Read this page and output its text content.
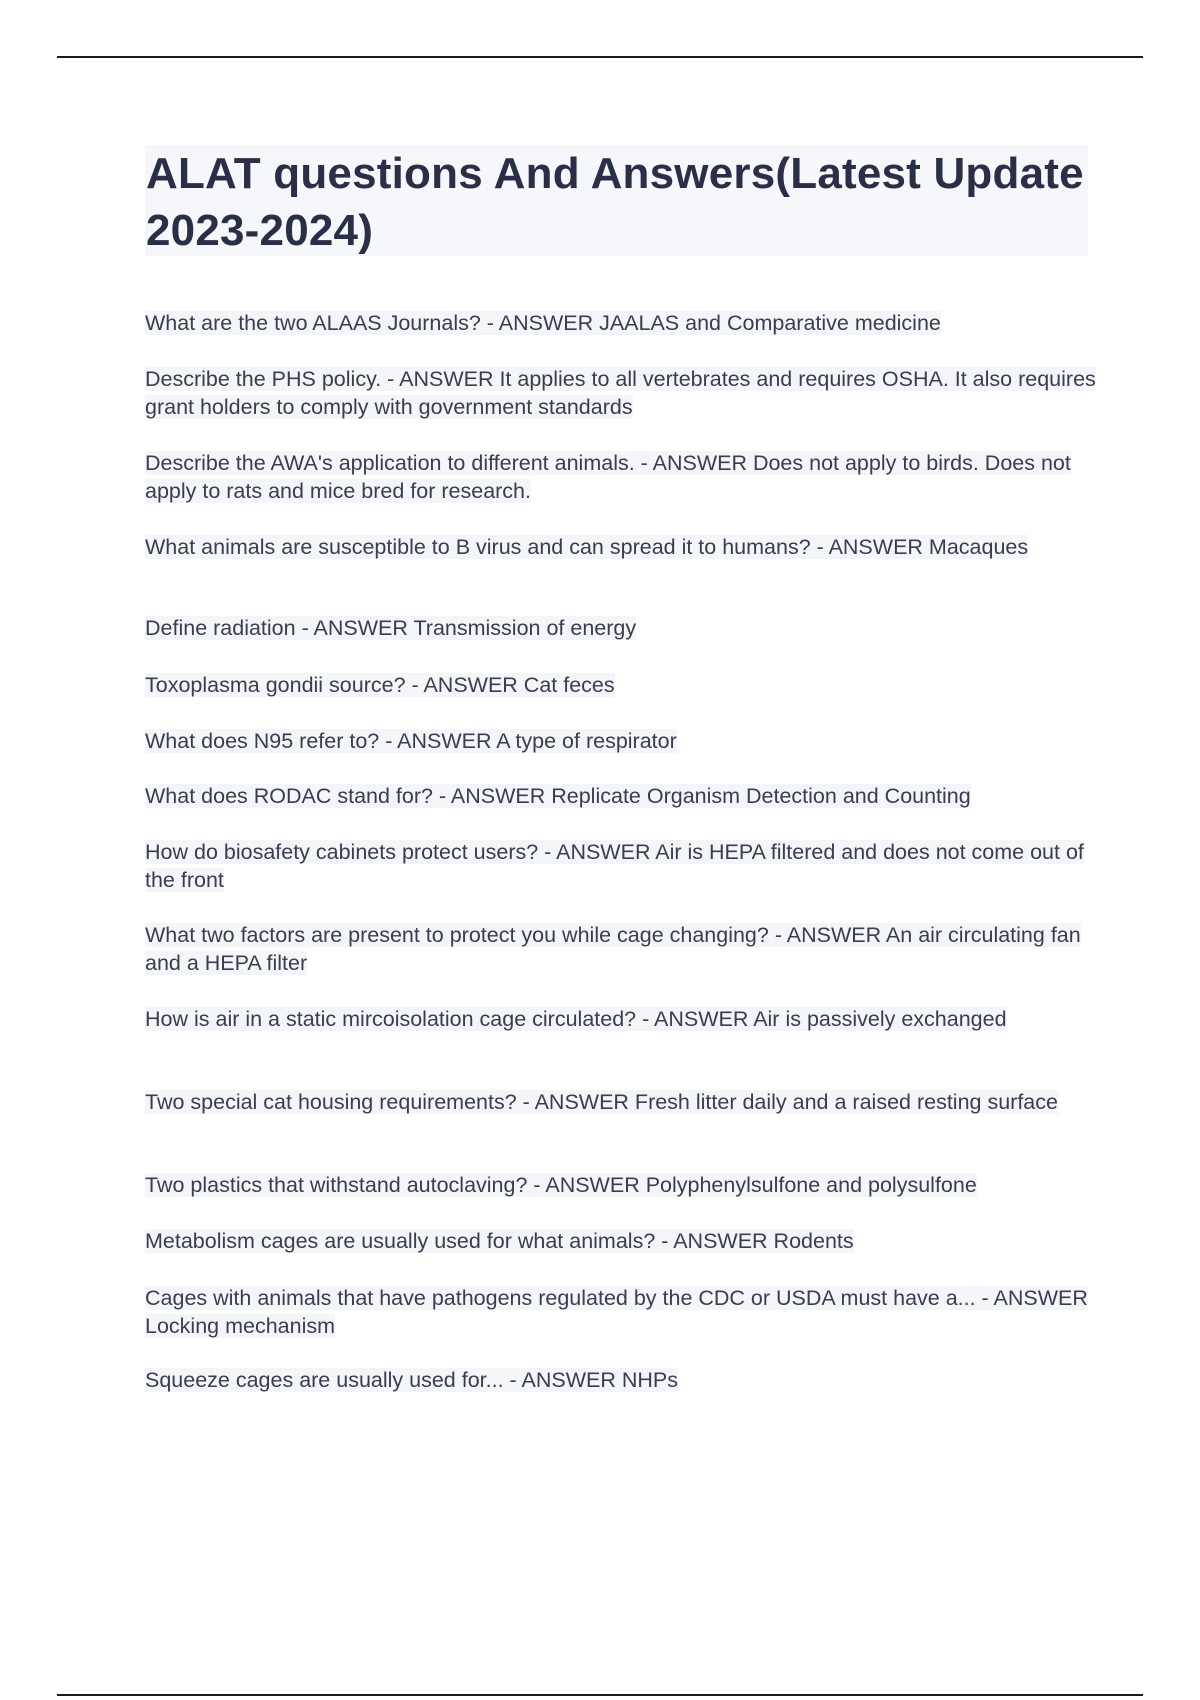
ALAT questions And Answers(Latest Update 2023-2024)
What are the two ALAAS Journals? - ANSWER JAALAS and Comparative medicine
Describe the PHS policy. - ANSWER It applies to all vertebrates and requires OSHA. It also requires grant holders to comply with government standards
Describe the AWA's application to different animals. - ANSWER Does not apply to birds. Does not apply to rats and mice bred for research.
What animals are susceptible to B virus and can spread it to humans? - ANSWER Macaques
Define radiation - ANSWER Transmission of energy
Toxoplasma gondii source? - ANSWER Cat feces
What does N95 refer to? - ANSWER A type of respirator
What does RODAC stand for? - ANSWER Replicate Organism Detection and Counting
How do biosafety cabinets protect users? - ANSWER Air is HEPA filtered and does not come out of the front
What two factors are present to protect you while cage changing? - ANSWER An air circulating fan and a HEPA filter
How is air in a static mircoisolation cage circulated? - ANSWER Air is passively exchanged
Two special cat housing requirements? - ANSWER Fresh litter daily and a raised resting surface
Two plastics that withstand autoclaving? - ANSWER Polyphenylsulfone and polysulfone
Metabolism cages are usually used for what animals? - ANSWER Rodents
Cages with animals that have pathogens regulated by the CDC or USDA must have a... - ANSWER Locking mechanism
Squeeze cages are usually used for... - ANSWER NHPs
